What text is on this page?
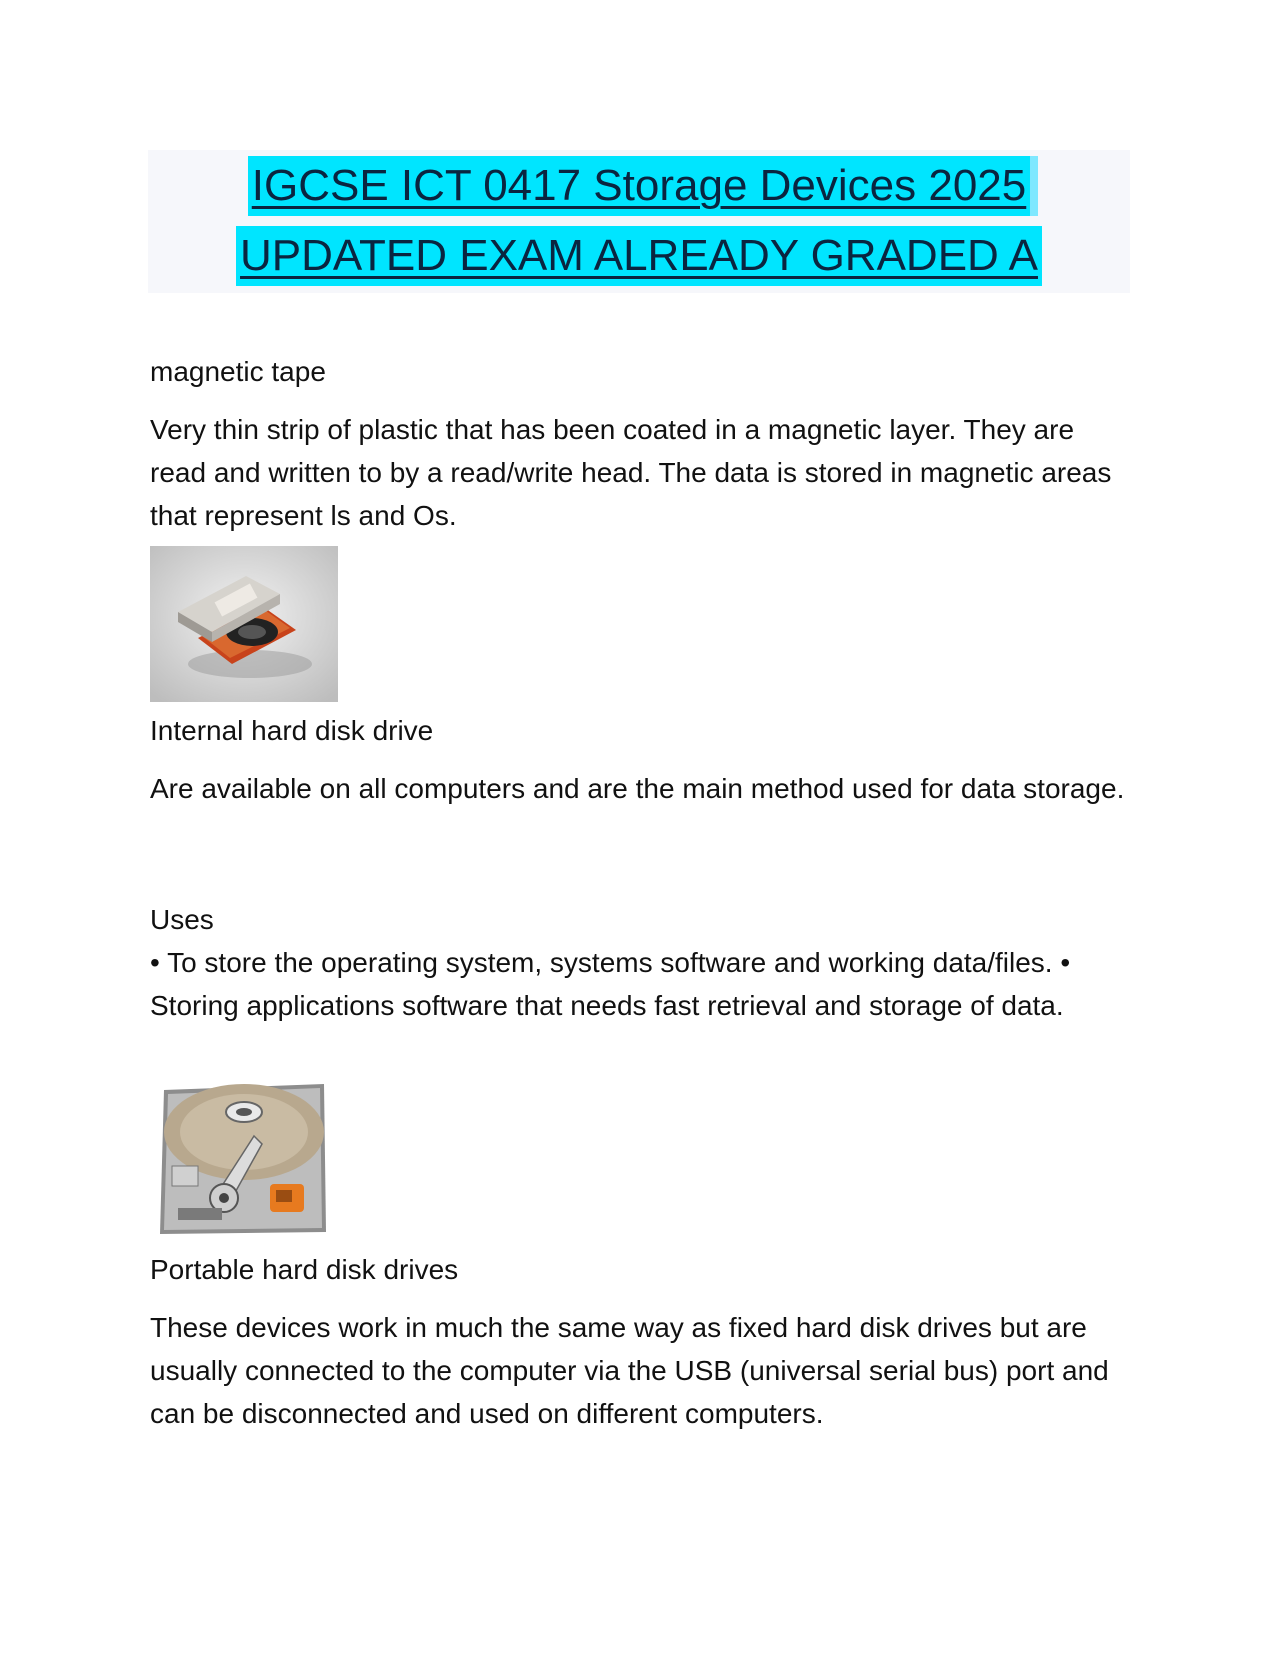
IGCSE ICT 0417 Storage Devices 2025
UPDATED EXAM ALREADY GRADED A

magnetic tape

Very thin strip of plastic that has been coated in a magnetic layer. They are read and written to by a read/write head. The data is stored in magnetic areas that represent ls and Os.

Internal hard disk drive

Are available on all computers and are the main method used for data storage.

Uses

• To store the operating system, systems software and working data/files. • Storing applications software that needs fast retrieval and storage of data.

Portable hard disk drives

These devices work in much the same way as fixed hard disk drives but are usually connected to the computer via the USB (universal serial bus) port and can be disconnected and used on different computers.
